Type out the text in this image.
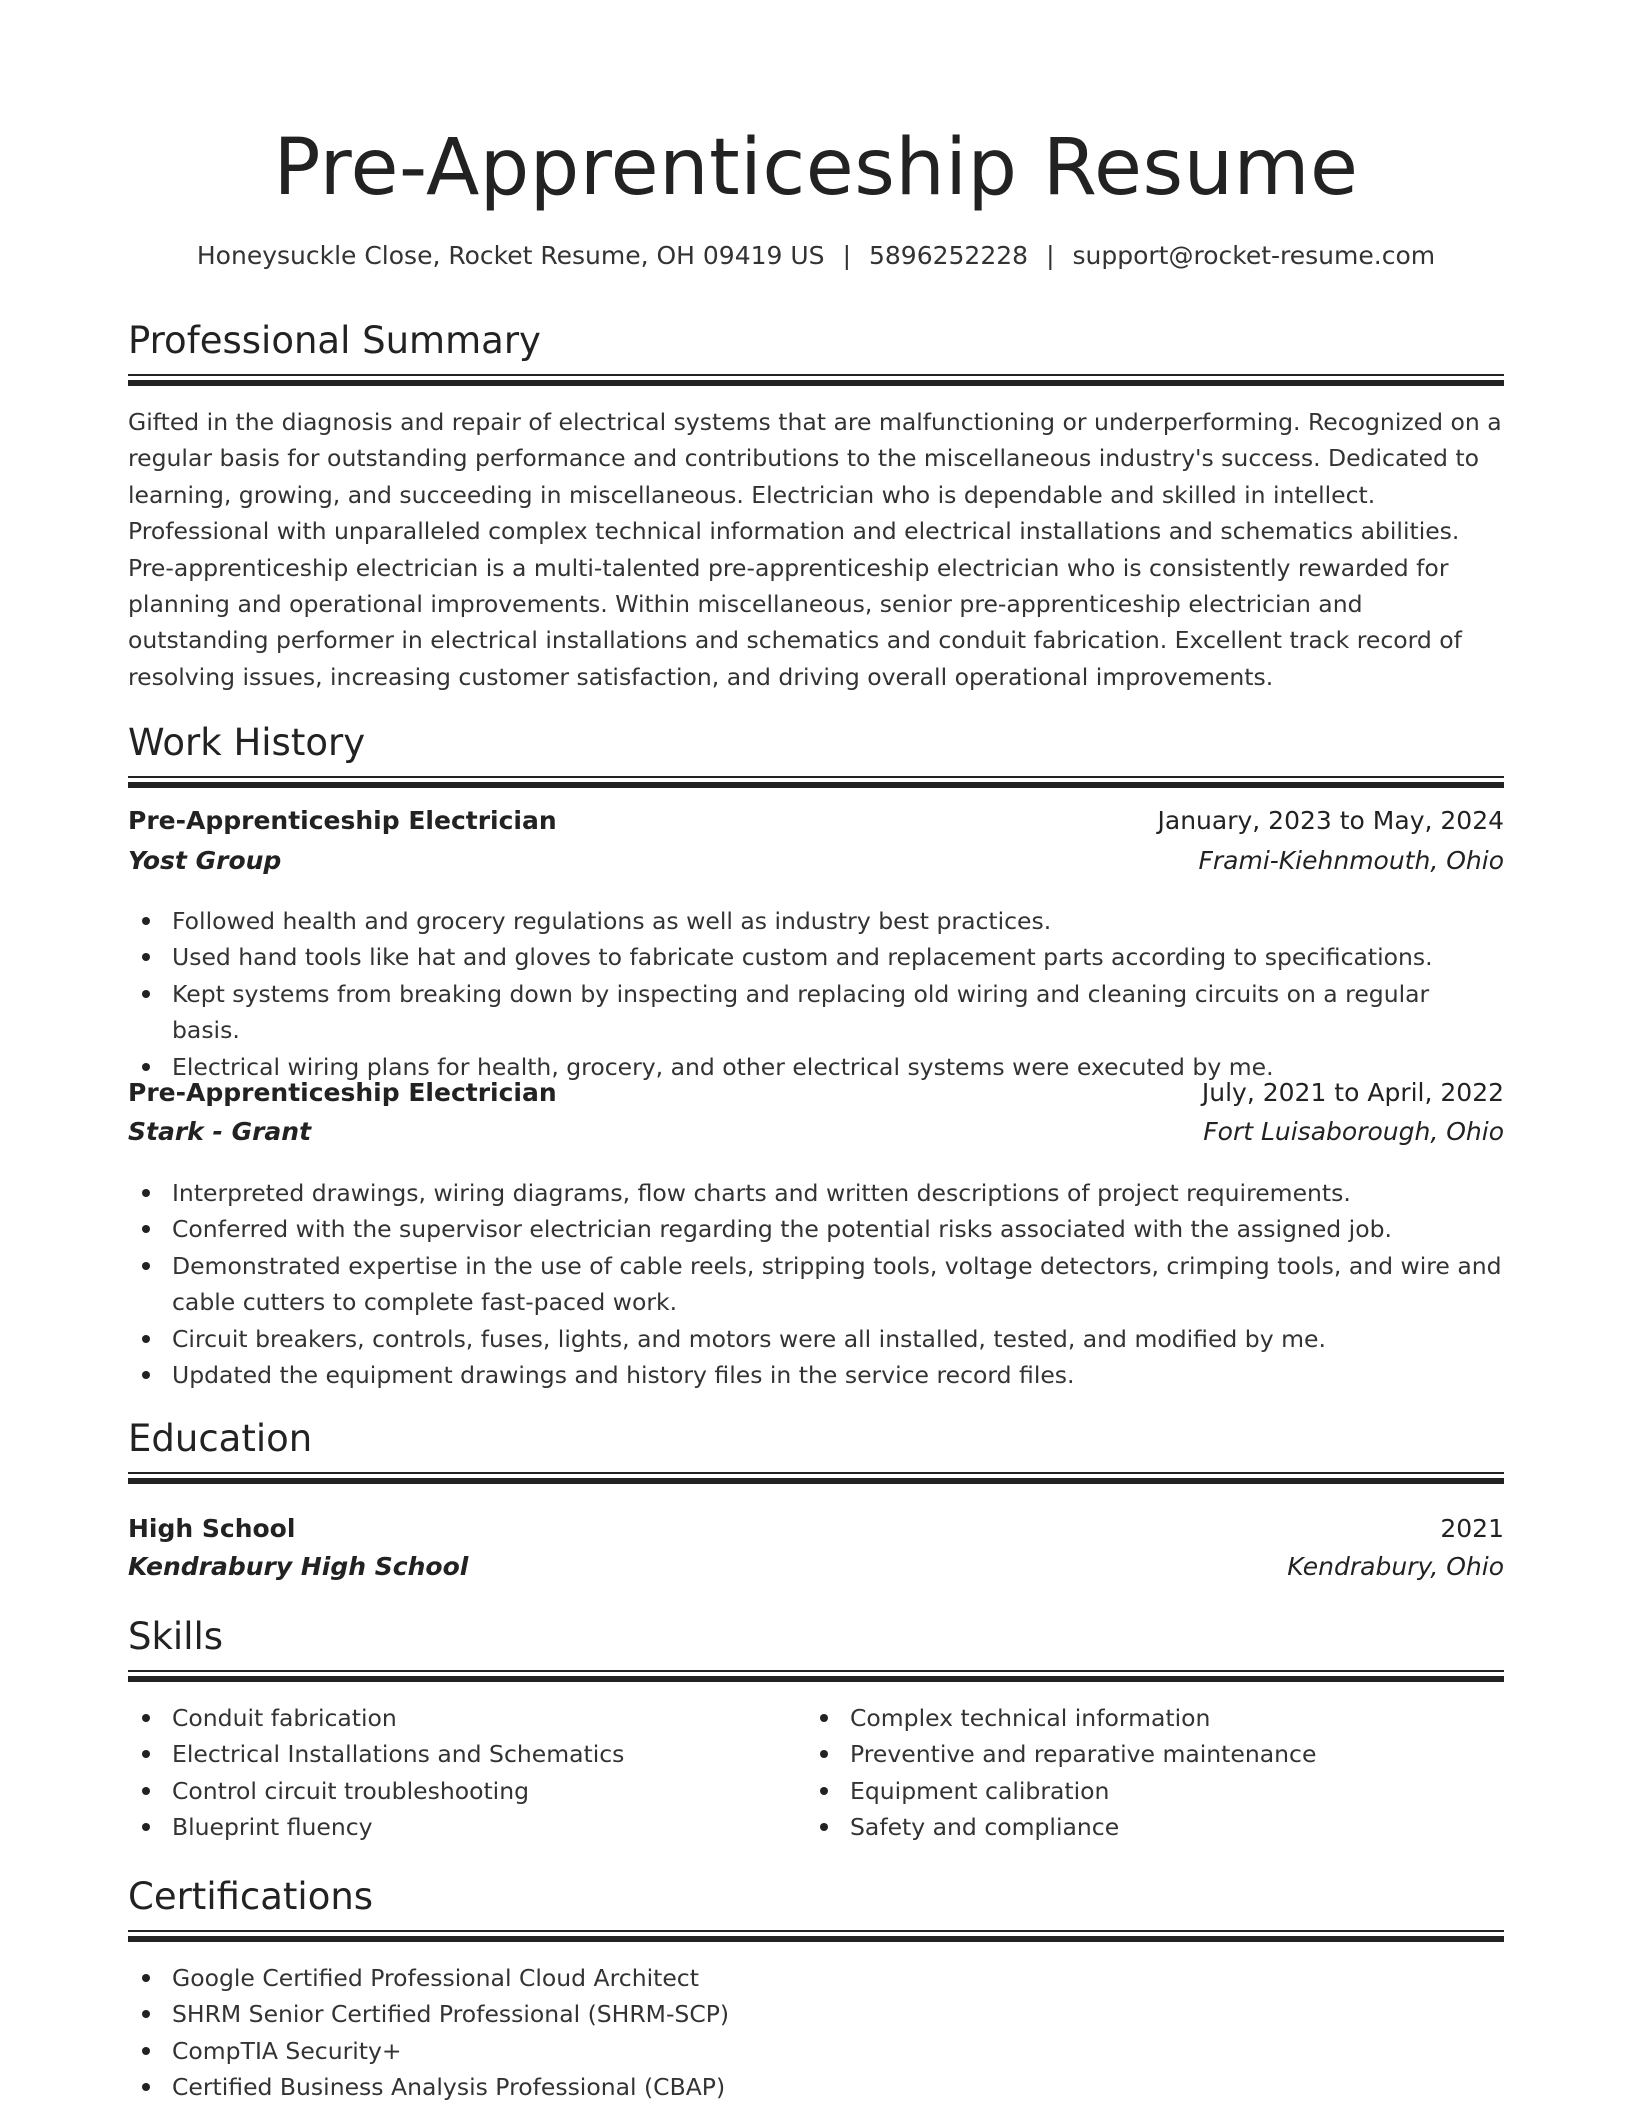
Pre-Apprenticeship Resume
Honeysuckle Close, Rocket Resume, OH 09419 US | 5896252228 | support@rocket-resume.com
Professional Summary
Gifted in the diagnosis and repair of electrical systems that are malfunctioning or underperforming. Recognized on a regular basis for outstanding performance and contributions to the miscellaneous industry's success. Dedicated to learning, growing, and succeeding in miscellaneous. Electrician who is dependable and skilled in intellect. Professional with unparalleled complex technical information and electrical installations and schematics abilities. Pre-apprenticeship electrician is a multi-talented pre-apprenticeship electrician who is consistently rewarded for planning and operational improvements. Within miscellaneous, senior pre-apprenticeship electrician and outstanding performer in electrical installations and schematics and conduit fabrication. Excellent track record of resolving issues, increasing customer satisfaction, and driving overall operational improvements.
Work History
Pre-Apprenticeship Electrician	January, 2023 to May, 2024
Yost Group	Frami-Kiehnmouth, Ohio
Followed health and grocery regulations as well as industry best practices.
Used hand tools like hat and gloves to fabricate custom and replacement parts according to specifications.
Kept systems from breaking down by inspecting and replacing old wiring and cleaning circuits on a regular basis.
Electrical wiring plans for health, grocery, and other electrical systems were executed by me.
Pre-Apprenticeship Electrician	July, 2021 to April, 2022
Stark - Grant	Fort Luisaborough, Ohio
Interpreted drawings, wiring diagrams, flow charts and written descriptions of project requirements.
Conferred with the supervisor electrician regarding the potential risks associated with the assigned job.
Demonstrated expertise in the use of cable reels, stripping tools, voltage detectors, crimping tools, and wire and cable cutters to complete fast-paced work.
Circuit breakers, controls, fuses, lights, and motors were all installed, tested, and modified by me.
Updated the equipment drawings and history files in the service record files.
Education
High School	2021
Kendrabury High School	Kendrabury, Ohio
Skills
Conduit fabrication
Electrical Installations and Schematics
Control circuit troubleshooting
Blueprint fluency
Complex technical information
Preventive and reparative maintenance
Equipment calibration
Safety and compliance
Certifications
Google Certified Professional Cloud Architect
SHRM Senior Certified Professional (SHRM-SCP)
CompTIA Security+
Certified Business Analysis Professional (CBAP)
